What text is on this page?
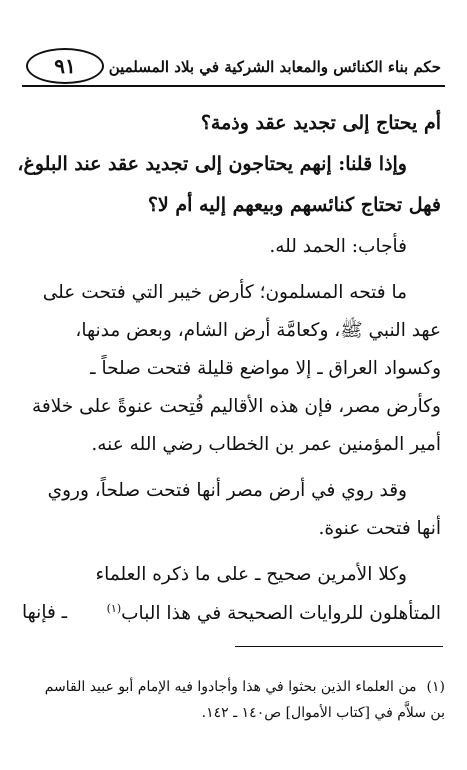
حكم بناء الكنائس والمعابد الشركية في بلاد المسلمين
٩١
أم يحتاج إلى تجديد عقد وذمة؟
وإذا قلنا: إنهم يحتاجون إلى تجديد عقد عند البلوغ،
فهل تحتاج كنائسهم وبيعهم إليه أم لا؟
فأجاب: الحمد لله.
ما فتحه المسلمون؛ كأرض خيبر التي فتحت على
عهد النبي ﷺ، وكعامَّة أرض الشام، وبعض مدنها،
وكسواد العراق ـ إلا مواضع قليلة فتحت صلحاً ـ
وكأرض مصر، فإن هذه الأقاليم فُتِحت عنوةً على خلافة
أمير المؤمنين عمر بن الخطاب رضي الله عنه.
وقد روي في أرض مصر أنها فتحت صلحاً، وروي
أنها فتحت عنوة.
وكلا الأمرين صحيح ـ على ما ذكره العلماء
المتأهلون للروايات الصحيحة في هذا الباب$^{(١)}$
ـ فإنها
(١)من العلماء الذين بحثوا في هذا وأجادوا فيه الإمام أبو عبيد القاسم
بن سلاَّم في [كتاب الأموال] ص١٤٠ ـ ١٤٢.
